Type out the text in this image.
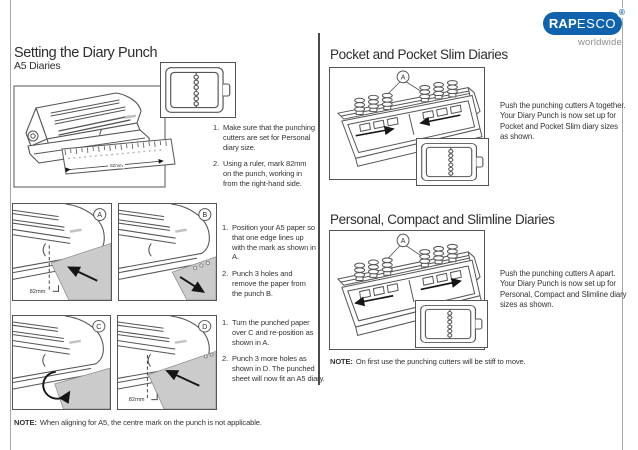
Setting the Diary Punch
A5 Diaries
82mm
1. Make sure that the punching cutters are set for Personal diary size.
2. Using a ruler, mark 82mm on the punch, working in from the right-hand side.
82mm
A	B
1. Position your A5 paper so that one edge lines up with the mark as shown in A.
2. Punch 3 holes and remove the paper from the punch B.
C
82mm
D 1. Turn the punched paper over C and re-position as shown in A.
2. Punch 3 more holes as shown in D. The punched sheet will now fit an A5 diary.
NOTE: When aligning for A5, the centre mark on the punch is not applicable.
RAP ESCO
®
worldwide
Pocket and Pocket Slim Diaries
A
Push the punching cutters A together. Your Diary Punch is now set up for Pocket and Pocket Slim diary sizes as shown.
Personal, Compact and Slimline Diaries
A
Push the punching cutters A apart. Your Diary Punch is now set up for Personal, Compact and Slimline diary sizes as shown.
NOTE: On first use the punching cutters will be stiff to move.
